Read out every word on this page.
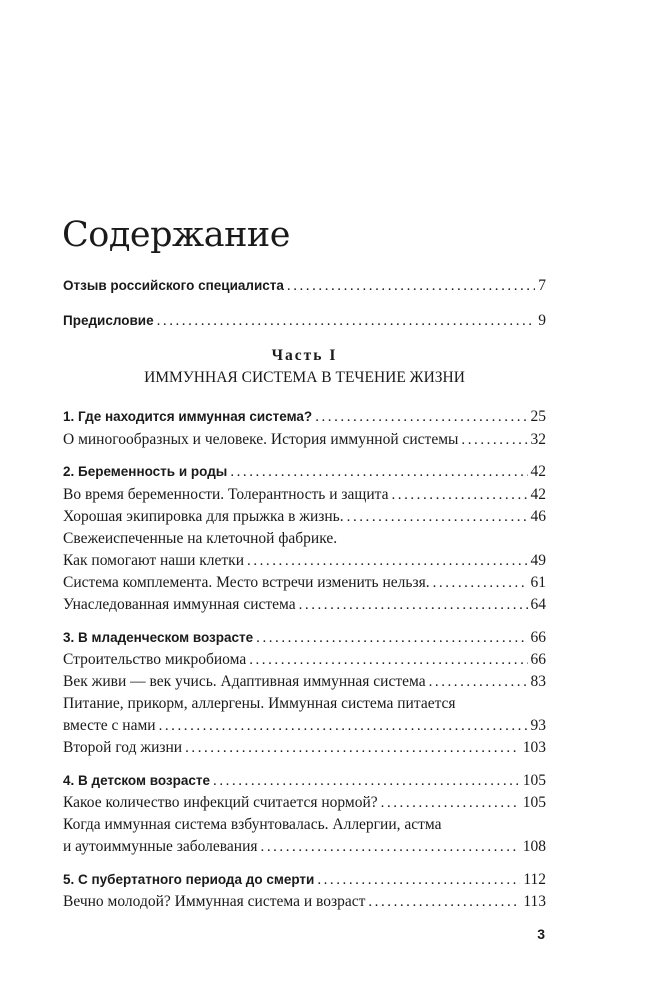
Содержание
Отзыв российского специалиста . . .	7
Предисловие . . .	9
Часть I
ИММУННАЯ СИСТЕМА В ТЕЧЕНИЕ ЖИЗНИ
1. Где находится иммунная система? . . .	25
О миногообразных и человеке. История иммунной системы . . .	32
2. Беременность и роды . . .	42
Во время беременности. Толерантность и защита . . .	42
Хорошая экипировка для прыжка в жизнь. . . .	46
Свежеиспеченные на клеточной фабрике.
Как помогают наши клетки . . .	49
Система комплемента. Место встречи изменить нельзя. . . .	61
Унаследованная иммунная система . . .	64
3. В младенческом возрасте . . .	66
Строительство микробиома . . .	66
Век живи — век учись. Адаптивная иммунная система . . .	83
Питание, прикорм, аллергены. Иммунная система питается
вместе с нами . . .	93
Второй год жизни . . .	103
4. В детском возрасте . . .	105
Какое количество инфекций считается нормой? . . .	105
Когда иммунная система взбунтовалась. Аллергии, астма
и аутоиммунные заболевания . . .	108
5. С пубертатного периода до смерти . . .	112
Вечно молодой? Иммунная система и возраст . . .	113
3
